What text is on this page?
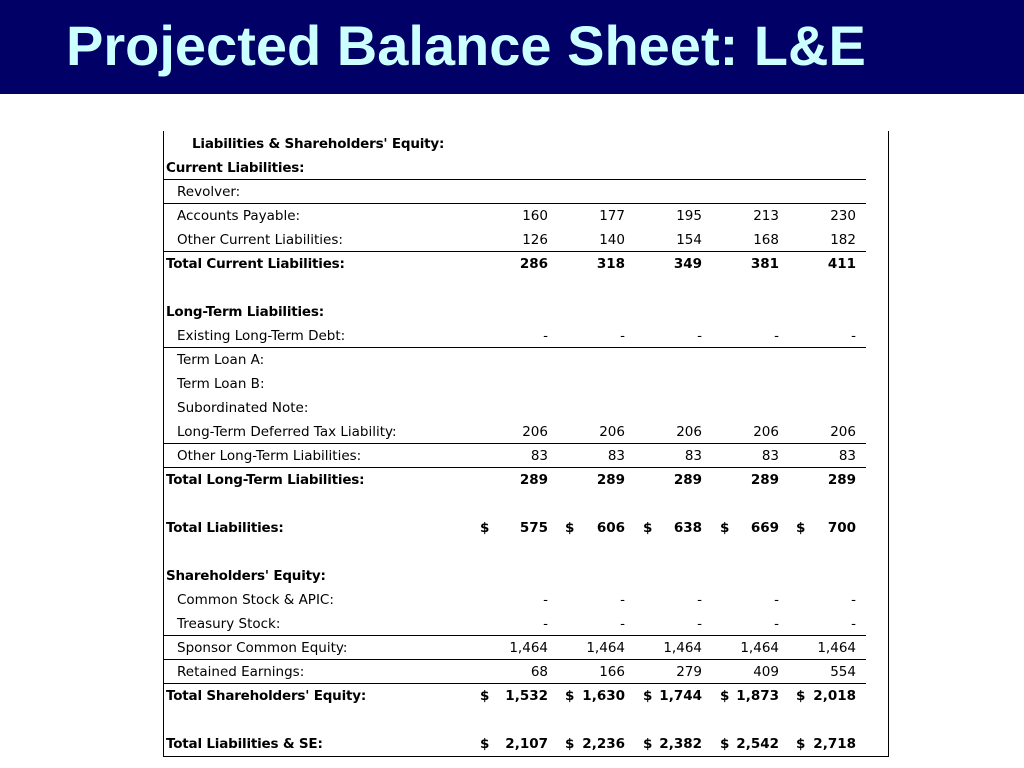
Projected Balance Sheet: L&E
Liabilities & Shareholders' Equity:
Current Liabilities:
Revolver:
Accounts Payable:	160	177	195	213	230
Other Current Liabilities:	126	140	154	168	182
Total Current Liabilities:	286	318	349	381	411
Long-Term Liabilities:
Existing Long-Term Debt:	-	-	-	-	-
Term Loan A:
Term Loan B:
Subordinated Note:
Long-Term Deferred Tax Liability:	206	206	206	206	206
Other Long-Term Liabilities:	83	83	83	83	83
Total Long-Term Liabilities:	289	289	289	289	289
Total Liabilities:	$ 575 $ 606 $ 638 $ 669 $ 700
Shareholders' Equity:
Common Stock & APIC:	-	-	-	-	-
Treasury Stock:	-	-	-	-	-
Sponsor Common Equity:	1,464	1,464	1,464	1,464	1,464
Retained Earnings:	68	166	279	409	554
Total Shareholders' Equity:	$ 1,532 $ 1,630 $ 1,744 $ 1,873 $ 2,018
Total Liabilities & SE:	$ 2,107 $ 2,236 $ 2,382 $ 2,542 $ 2,718
